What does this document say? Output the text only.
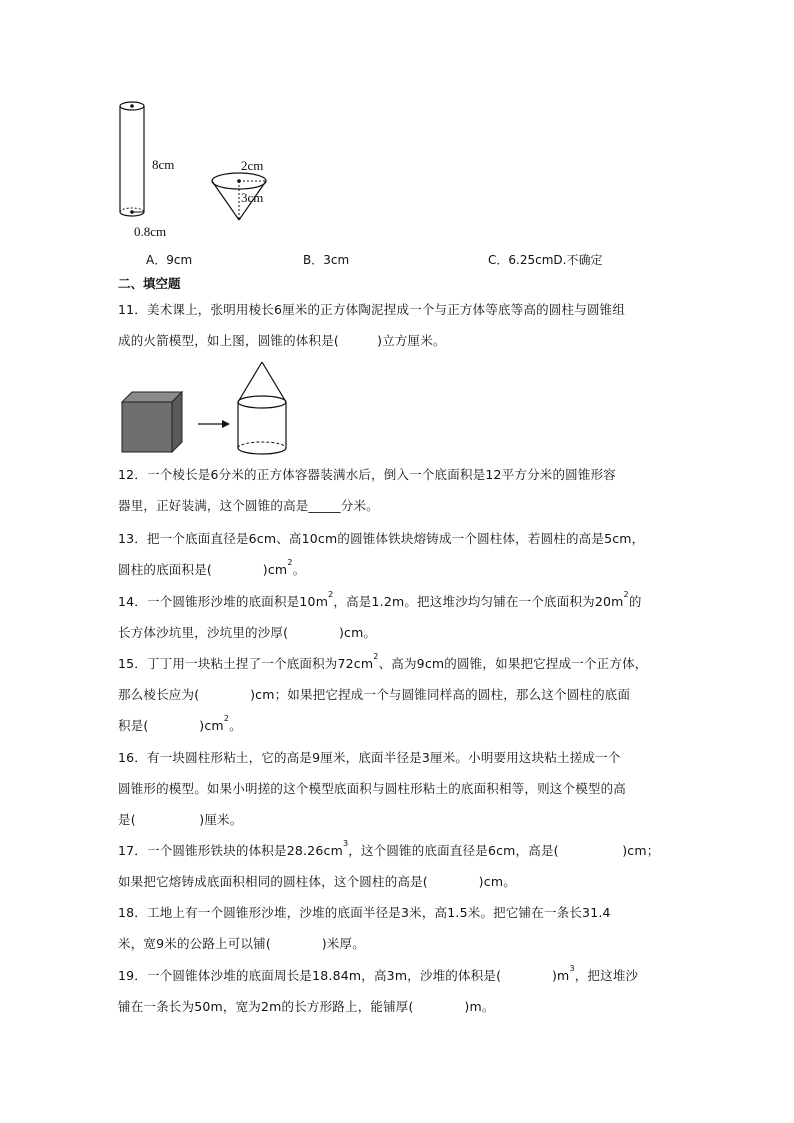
8cm
0.8cm
2cm
3cm
A．9cm	B．3cm	C．6.25cmD.不确定
二、填空题
11．美术课上，张明用棱长6厘米的正方体陶泥捏成一个与正方体等底等高的圆柱与圆锥组
成的火箭模型，如上图，圆锥的体积是(　　　)立方厘米。
12．一个棱长是6分米的正方体容器装满水后，倒入一个底面积是12平方分米的圆锥形容
器里，正好装满，这个圆锥的高是_____分米。
13．把一个底面直径是6cm、高10cm的圆锥体铁块熔铸成一个圆柱体，若圆柱的高是5cm，
圆柱的底面积是(　　　　)$cm^2$。
14．一个圆锥形沙堆的底面积是$10m^2$，高是1.2m。把这堆沙均匀铺在一个底面积为$20m^2$的
长方体沙坑里，沙坑里的沙厚(　　　　)cm。
15．丁丁用一块粘土捏了一个底面积为$72cm^2$、高为9cm的圆锥，如果把它捏成一个正方体，
那么棱长应为(　　　　)cm；如果把它捏成一个与圆锥同样高的圆柱，那么这个圆柱的底面
积是(　　　　)$cm^2$。
16．有一块圆柱形粘土，它的高是9厘米，底面半径是3厘米。小明要用这块粘土搓成一个
圆锥形的模型。如果小明搓的这个模型底面积与圆柱形粘土的底面积相等，则这个模型的高
是(　　　　　)厘米。
17．一个圆锥形铁块的体积是$28.26cm^3$，这个圆锥的底面直径是6cm，高是(　　　　　)cm；
如果把它熔铸成底面积相同的圆柱体，这个圆柱的高是(　　　　)cm。
18．工地上有一个圆锥形沙堆，沙堆的底面半径是3米，高1.5米。把它铺在一条长31.4
米，宽9米的公路上可以铺(　　　　)米厚。
19．一个圆锥体沙堆的底面周长是18.84m，高3m，沙堆的体积是(　　　　)$m^3$，把这堆沙
铺在一条长为50m，宽为2m的长方形路上，能铺厚(　　　　)m。
